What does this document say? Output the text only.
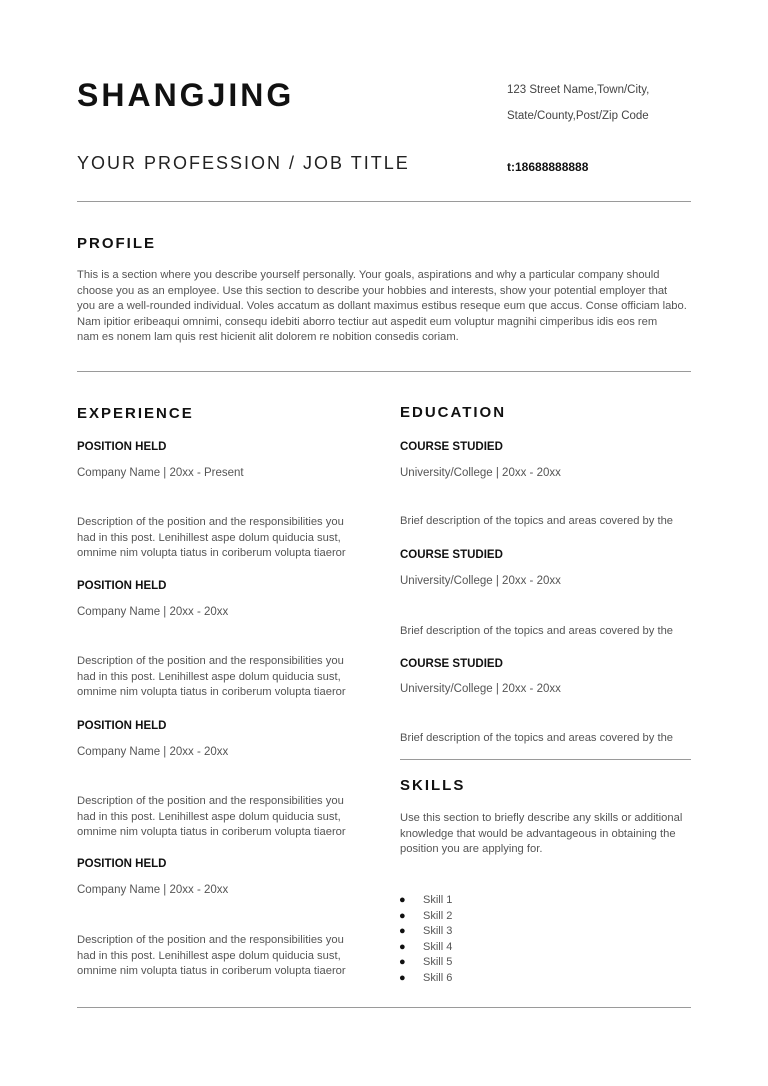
SHANGJING
YOUR PROFESSION / JOB TITLE
123 Street Name,Town/City,
State/County,Post/Zip Code
t:18688888888
PROFILE
This is a section where you describe yourself personally. Your goals, aspirations and why a particular company should
choose you as an employee. Use this section to describe your hobbies and interests, show your potential employer that
you are a well-rounded individual. Voles accatum as dollant maximus estibus reseque eum que accus. Conse officiam labo.
Nam ipitior eribeaqui omnimi, consequ idebiti aborro tectiur aut aspedit eum voluptur magnihi cimperibus idis eos rem
nam es nonem lam quis rest hicienit alit dolorem re nobition consedis coriam.
EXPERIENCE
POSITION HELD
Company Name | 20xx - Present
Description of the position and the responsibilities you
had in this post. Lenihillest aspe dolum quiducia sust,
omnime nim volupta tiatus in coriberum volupta tiaeror
POSITION HELD
Company Name | 20xx - 20xx
Description of the position and the responsibilities you
had in this post. Lenihillest aspe dolum quiducia sust,
omnime nim volupta tiatus in coriberum volupta tiaeror
POSITION HELD
Company Name | 20xx - 20xx
Description of the position and the responsibilities you
had in this post. Lenihillest aspe dolum quiducia sust,
omnime nim volupta tiatus in coriberum volupta tiaeror
POSITION HELD
Company Name | 20xx - 20xx
Description of the position and the responsibilities you
had in this post. Lenihillest aspe dolum quiducia sust,
omnime nim volupta tiatus in coriberum volupta tiaeror
EDUCATION
COURSE STUDIED
University/College | 20xx - 20xx
Brief description of the topics and areas covered by the
COURSE STUDIED
University/College | 20xx - 20xx
Brief description of the topics and areas covered by the
COURSE STUDIED
University/College | 20xx - 20xx
Brief description of the topics and areas covered by the
SKILLS
Use this section to briefly describe any skills or additional
knowledge that would be advantageous in obtaining the
position you are applying for.
● Skill 1
● Skill 2
● Skill 3
● Skill 4
● Skill 5
● Skill 6
